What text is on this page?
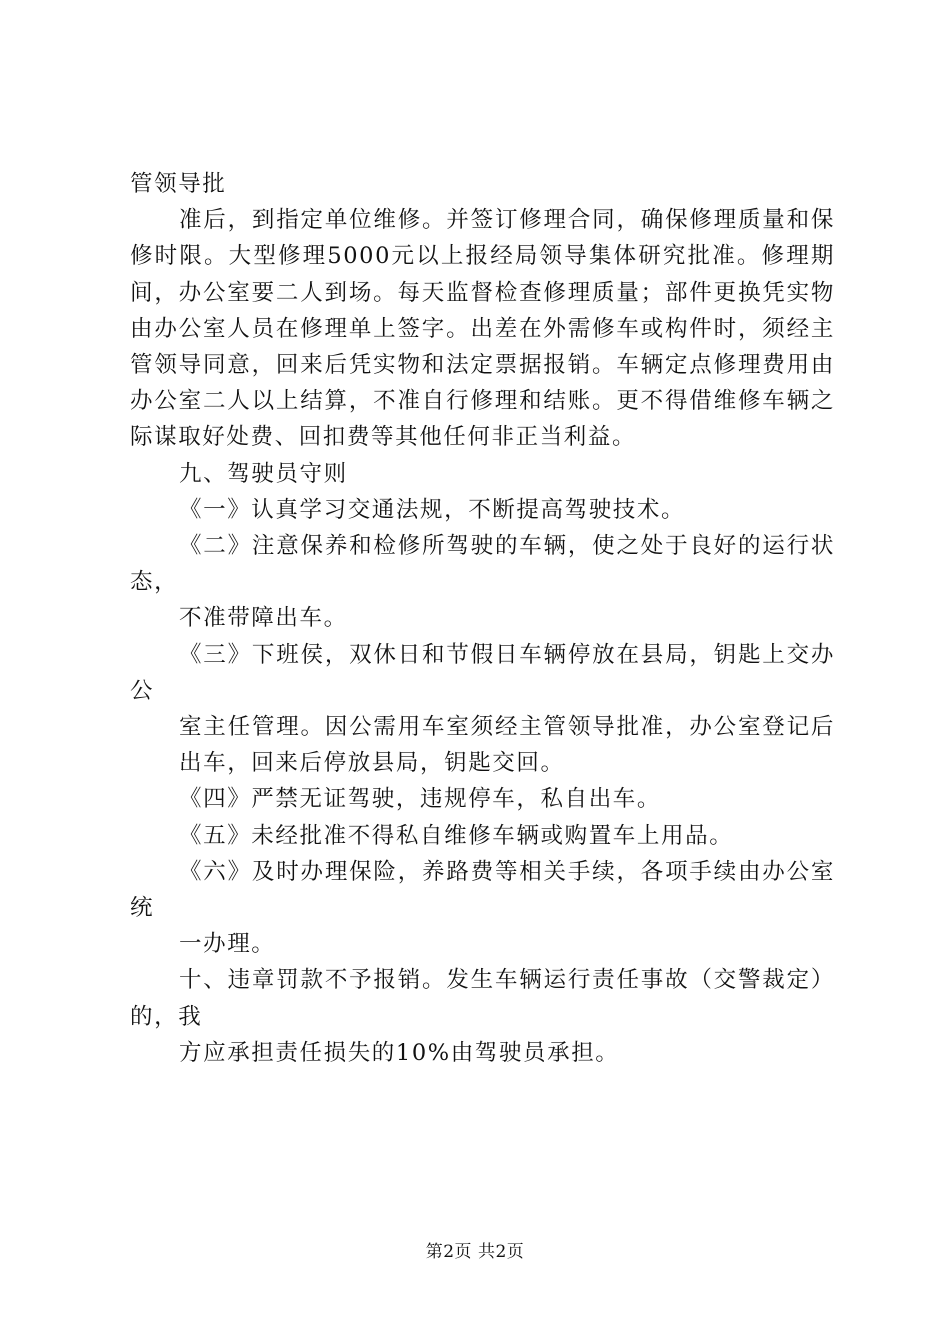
管领导批

准后，到指定单位维修。并签订修理合同，确保修理质量和保修时限。大型修理5000元以上报经局领导集体研究批准。修理期间，办公室要二人到场。每天监督检查修理质量；部件更换凭实物由办公室人员在修理单上签字。出差在外需修车或构件时，须经主管领导同意，回来后凭实物和法定票据报销。车辆定点修理费用由办公室二人以上结算，不准自行修理和结账。更不得借维修车辆之际谋取好处费、回扣费等其他任何非正当利益。

九、驾驶员守则

《一》认真学习交通法规，不断提高驾驶技术。

《二》注意保养和检修所驾驶的车辆，使之处于良好的运行状态，

不准带障出车。

《三》下班侯，双休日和节假日车辆停放在县局，钥匙上交办公

室主任管理。因公需用车室须经主管领导批准，办公室登记后出车，回来后停放县局，钥匙交回。

《四》严禁无证驾驶，违规停车，私自出车。

《五》未经批准不得私自维修车辆或购置车上用品。

《六》及时办理保险，养路费等相关手续，各项手续由办公室统

一办理。

十、违章罚款不予报销。发生车辆运行责任事故（交警裁定）的，我

方应承担责任损失的10%由驾驶员承担。

第2页 共2页
